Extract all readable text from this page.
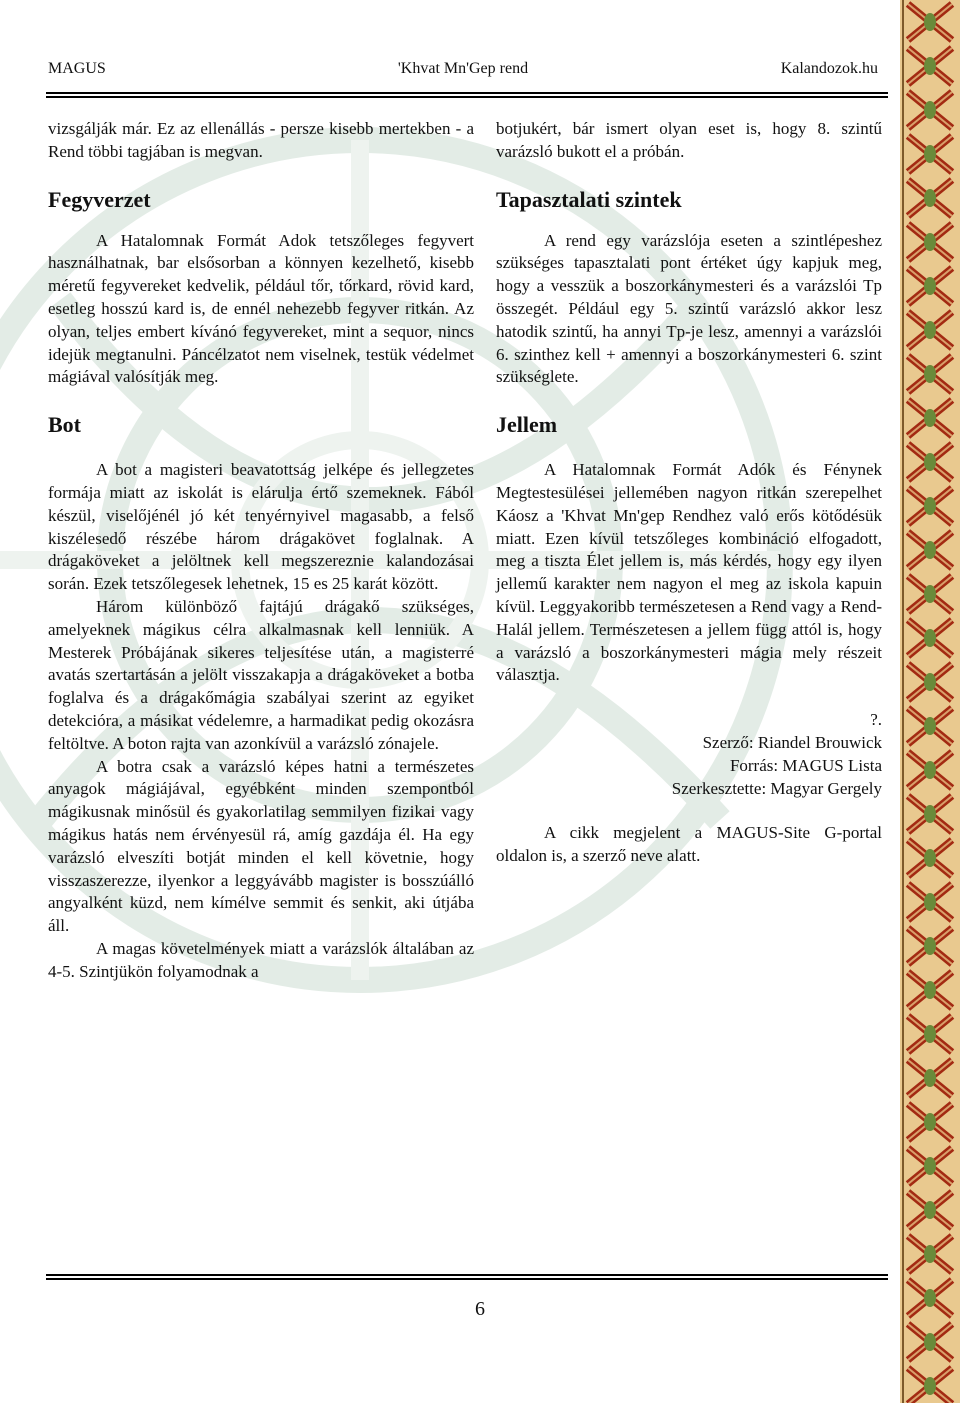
MAGUS	'Khvat Mn'Gep rend	Kalandozok.hu

vizsgálják már. Ez az ellenállás - persze kisebb mertekben - a Rend többi tagjában is megvan.

Fegyverzet

A Hatalomnak Formát Adok tetszőleges fegyvert használhatnak, bar elsősorban a könnyen kezelhető, kisebb méretű fegyvereket kedvelik, például tőr, tőrkard, rövid kard, esetleg hosszú kard is, de ennél nehezebb fegyver ritkán. Az olyan, teljes embert kívánó fegyvereket, mint a sequor, nincs idejük megtanulni. Páncélzatot nem viselnek, testük védelmet mágiával valósítják meg.

Bot

A bot a magisteri beavatottság jelképe és jellegzetes formája miatt az iskolát is elárulja értő szemeknek. Fából készül, viselőjénél jó két tenyérnyivel magasabb, a felső kiszélesedő részébe három drágakövet foglalnak. A drágaköveket a jelöltnek kell megszereznie kalandozásai során. Ezek tetszőlegesek lehetnek, 15 es 25 karát között.

Három különböző fajtájú drágakő szükséges, amelyeknek mágikus célra alkalmasnak kell lenniük. A Mesterek Próbájának sikeres teljesítése után, a magisterré avatás szertartásán a jelölt visszakapja a drágaköveket a botba foglalva és a drágakőmágia szabályai szerint az egyiket detekcióra, a másikat védelemre, a harmadikat pedig okozásra feltöltve. A boton rajta van azonkívül a varázsló zónajele.

A botra csak a varázsló képes hatni a természetes anyagok mágiájával, egyébként minden szempontból mágikusnak minősül és gyakorlatilag semmilyen fizikai vagy mágikus hatás nem érvényesül rá, amíg gazdája él. Ha egy varázsló elveszíti botját minden el kell követnie, hogy visszaszerezze, ilyenkor a leggyávább magister is bosszúálló angyalként küzd, nem kímélve semmit és senkit, aki útjába áll.

A magas követelmények miatt a varázslók általában az 4-5. Szintjükön folyamodnak a

botjukért, bár ismert olyan eset is, hogy 8. szintű varázsló bukott el a próbán.

Tapasztalati szintek

A rend egy varázslója eseten a szintlépeshez szükséges tapasztalati pont értéket úgy kapjuk meg, hogy a vesszük a boszorkánymesteri és a varázslói Tp összegét. Például egy 5. szintű varázsló akkor lesz hatodik szintű, ha annyi Tp-je lesz, amennyi a varázslói 6. szinthez kell + amennyi a boszorkánymesteri 6. szint szükséglete.

Jellem

A Hatalomnak Formát Adók és Fénynek Megtestesülései jellemében nagyon ritkán szerepelhet Káosz a 'Khvat Mn'gep Rendhez való erős kötődésük miatt. Ezen kívül tetszőleges kombináció elfogadott, meg a tiszta Élet jellem is, más kérdés, hogy egy ilyen jellemű karakter nem nagyon el meg az iskola kapuin kívül. Leggyakoribb természetesen a Rend vagy a Rend-Halál jellem. Természetesen a jellem függ attól is, hogy a varázsló a boszorkánymesteri mágia mely részeit választja.

?.

Szerző: Riandel Brouwick

Forrás: MAGUS Lista

Szerkesztette: Magyar Gergely

A cikk megjelent a MAGUS-Site G-portal oldalon is, a szerző neve alatt.

6
